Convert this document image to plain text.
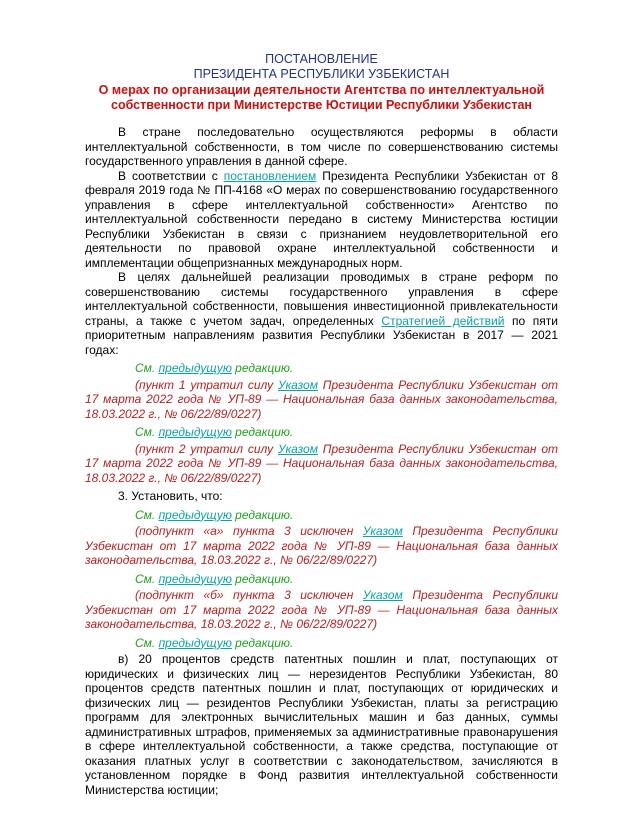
ПОСТАНОВЛЕНИЕ
ПРЕЗИДЕНТА РЕСПУБЛИКИ УЗБЕКИСТАН
О мерах по организации деятельности Агентства по интеллектуальной собственности при Министерстве Юстиции Республики Узбекистан

В стране последовательно осуществляются реформы в области интеллектуальной собственности, в том числе по совершенствованию системы государственного управления в данной сфере.

В соответствии с постановлением Президента Республики Узбекистан от 8 февраля 2019 года № ПП-4168 «О мерах по совершенствованию государственного управления в сфере интеллектуальной собственности» Агентство по интеллектуальной собственности передано в систему Министерства юстиции Республики Узбекистан в связи с признанием неудовлетворительной его деятельности по правовой охране интеллектуальной собственности и имплементации общепризнанных международных норм.

В целях дальнейшей реализации проводимых в стране реформ по совершенствованию системы государственного управления в сфере интеллектуальной собственности, повышения инвестиционной привлекательности страны, а также с учетом задач, определенных Стратегией действий по пяти приоритетным направлениям развития Республики Узбекистан в 2017 — 2021 годах:

См. предыдущую редакцию.

(пункт 1 утратил силу Указом Президента Республики Узбекистан от 17 марта 2022 года № УП-89 — Национальная база данных законодательства, 18.03.2022 г., № 06/22/89/0227)

См. предыдущую редакцию.

(пункт 2 утратил силу Указом Президента Республики Узбекистан от 17 марта 2022 года № УП-89 — Национальная база данных законодательства, 18.03.2022 г., № 06/22/89/0227)

3. Установить, что:

См. предыдущую редакцию.

(подпункт «а» пункта 3 исключен Указом Президента Республики Узбекистан от 17 марта 2022 года № УП-89 — Национальная база данных законодательства, 18.03.2022 г., № 06/22/89/0227)

См. предыдущую редакцию.

(подпункт «б» пункта 3 исключен Указом Президента Республики Узбекистан от 17 марта 2022 года № УП-89 — Национальная база данных законодательства, 18.03.2022 г., № 06/22/89/0227)

См. предыдущую редакцию.

в) 20 процентов средств патентных пошлин и плат, поступающих от юридических и физических лиц — нерезидентов Республики Узбекистан, 80 процентов средств патентных пошлин и плат, поступающих от юридических и физических лиц — резидентов Республики Узбекистан, платы за регистрацию программ для электронных вычислительных машин и баз данных, суммы административных штрафов, применяемых за административные правонарушения в сфере интеллектуальной собственности, а также средства, поступающие от оказания платных услуг в соответствии с законодательством, зачисляются в установленном порядке в Фонд развития интеллектуальной собственности Министерства юстиции;
